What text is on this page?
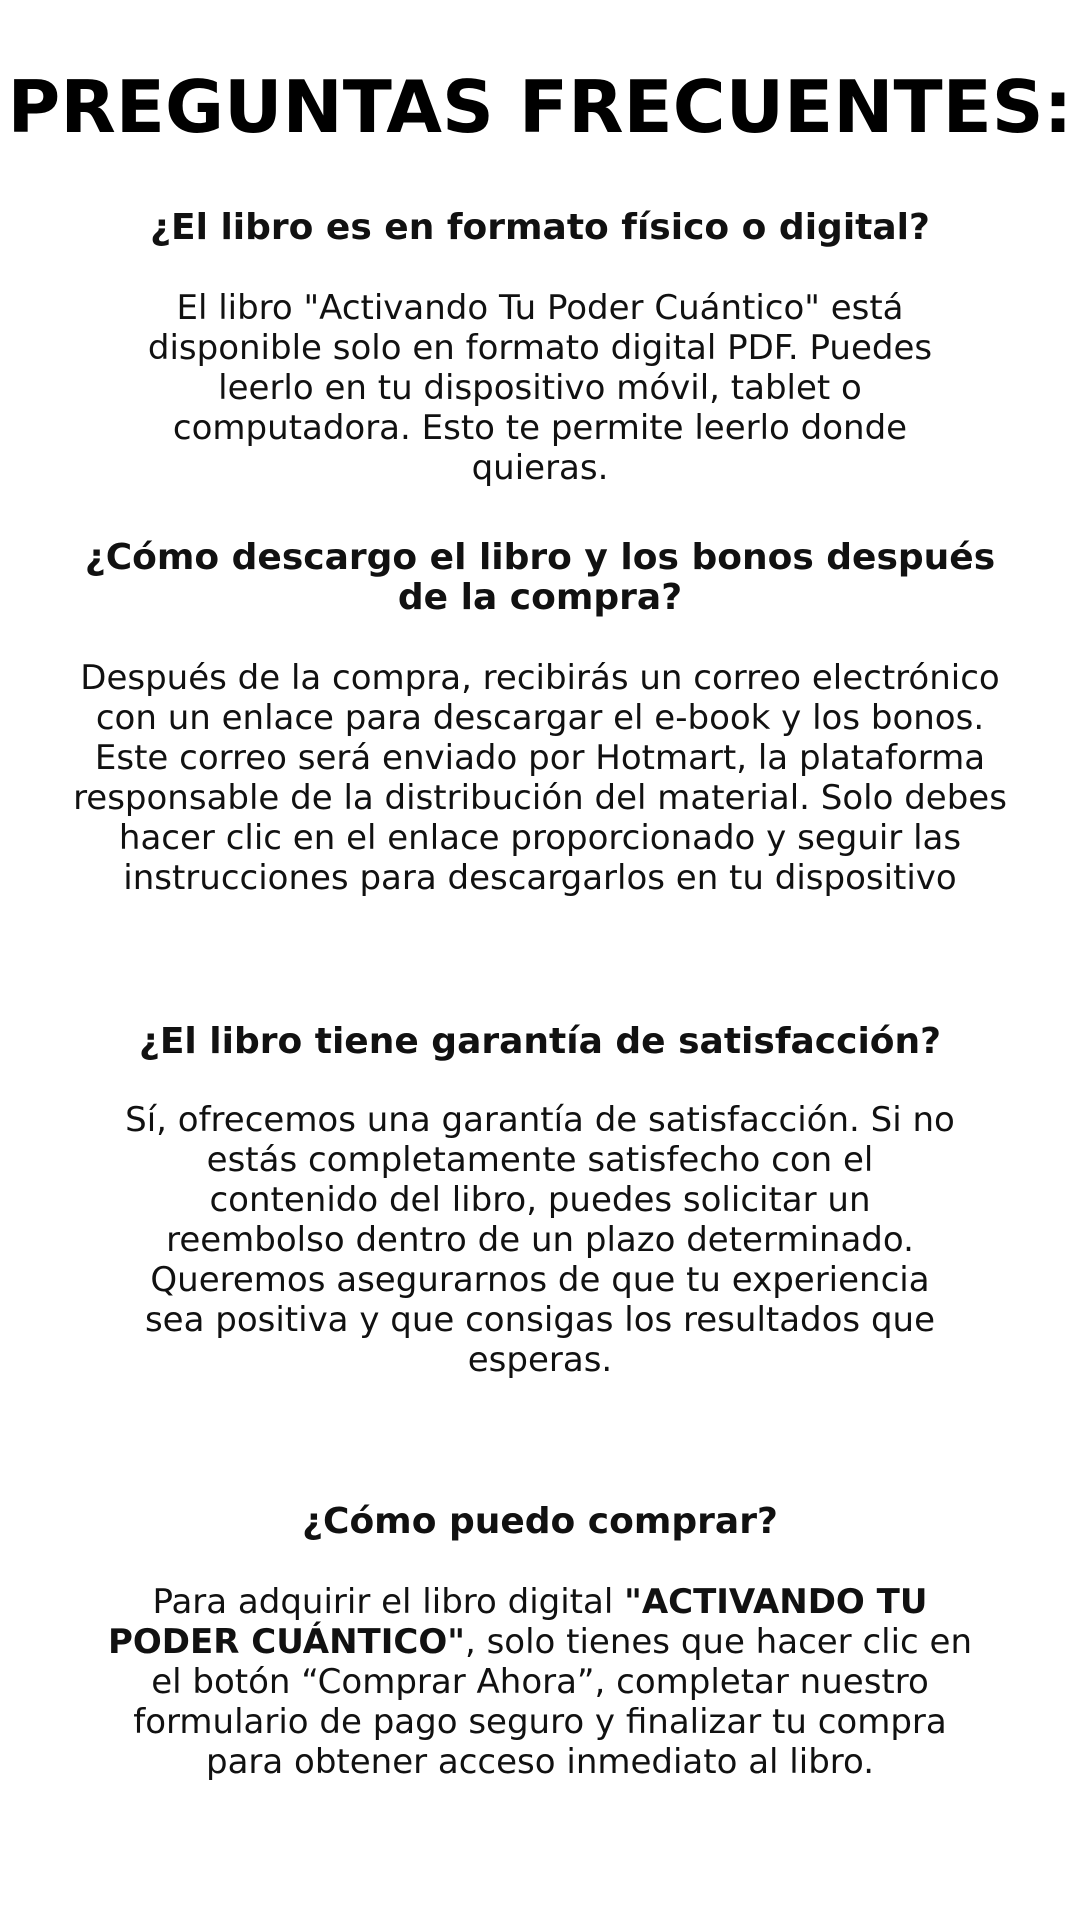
PREGUNTAS FRECUENTES:
¿El libro es en formato físico o digital?

El libro "Activando Tu Poder Cuántico" está disponible solo en formato digital PDF. Puedes leerlo en tu dispositivo móvil, tablet o computadora. Esto te permite leerlo donde quieras.

¿Cómo descargo el libro y los bonos después de la compra?

Después de la compra, recibirás un correo electrónico con un enlace para descargar el e-book y los bonos. Este correo será enviado por Hotmart, la plataforma responsable de la distribución del material. Solo debes hacer clic en el enlace proporcionado y seguir las instrucciones para descargarlos en tu dispositivo

¿El libro tiene garantía de satisfacción?

Sí, ofrecemos una garantía de satisfacción. Si no estás completamente satisfecho con el contenido del libro, puedes solicitar un reembolso dentro de un plazo determinado. Queremos asegurarnos de que tu experiencia sea positiva y que consigas los resultados que esperas.

¿Cómo puedo comprar?

Para adquirir el libro digital "ACTIVANDO TU PODER CUÁNTICO", solo tienes que hacer clic en el botón “Comprar Ahora”, completar nuestro formulario de pago seguro y finalizar tu compra para obtener acceso inmediato al libro.
